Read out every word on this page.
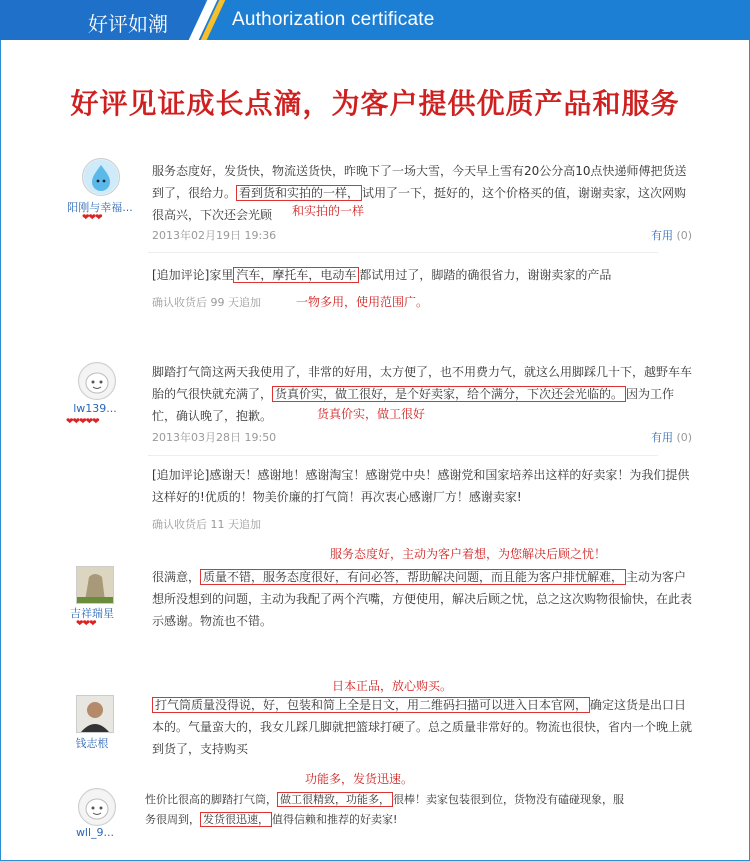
好评如潮	Authorization certificate
好评见证成长点滴，为客户提供优质产品和服务
阳刚与幸福...
❤❤❤
服务态度好，发货快，物流送货快，昨晚下了一场大雪，今天早上雪有20公分高10点快递师傅把货送到了，很给力。 看到货和实拍的一样， 试用了一下，挺好的，这个价格买的值，谢谢卖家，这次网购很高兴，下次还会光顾	和实拍的一样
2013年02月19日 19:36	有用 (0)
[追加评论]家里 汽车，摩托车，电动车 都试用过了，脚踏的确很省力，谢谢卖家的产品
确认收货后 99 天追加	一物多用，使用范围广。
lw139...
❤❤❤❤❤
脚踏打气筒这两天我使用了，非常的好用，太方便了，也不用费力气，就这么用脚踩几十下，越野车车胎的气很快就充满了， 货真价实，做工很好，是个好卖家，给个满分，下次还会光临的。 因为工作忙，确认晚了，抱歉。	货真价实，做工很好
2013年03月28日 19:50	有用 (0)
[追加评论]感谢天！感谢地！感谢淘宝！感谢党中央！感谢党和国家培养出这样的好卖家！为我们提供这样好的!优质的！物美价廉的打气筒！再次衷心感谢厂方！感谢卖家!
确认收货后 11 天追加
服务态度好，主动为客户着想，为您解决后顾之忧！
吉祥瑞星
❤❤❤
很满意， 质量不错，服务态度很好，有问必答，帮助解决问题，而且能为客户排忧解难， 主动为客户想所没想到的问题，主动为我配了两个汽嘴，方便使用，解决后顾之忧，总之这次购物很愉快，在此表示感谢。物流也不错。
日本正品，放心购买。
钱志根
打气筒质量没得说，好，包装和简上全是日文，用二维码扫描可以进入日本官网， 确定这货是出口日本的。气量蛮大的，我女儿踩几脚就把篮球打硬了。总之质量非常好的。物流也很快，省内一个晚上就到货了，支持购买
功能多，发货迅速。
wll_9...
性价比很高的脚踏打气筒， 做工很精致，功能多， 很棒！卖家包装很到位，货物没有磕碰现象，服务很周到， 发货很迅速， 值得信赖和推荐的好卖家!
